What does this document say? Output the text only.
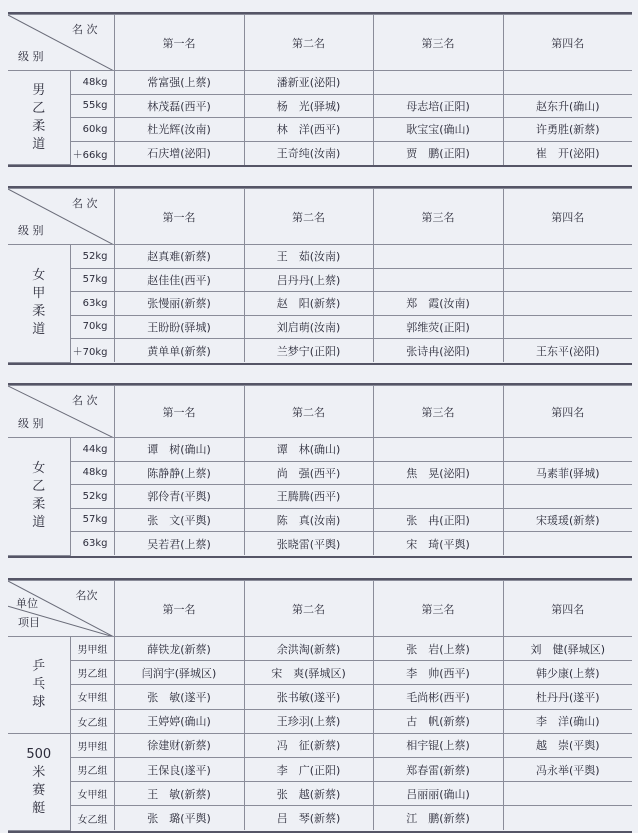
名 次
级 别		第一名	第二名	第三名	第四名

男
乙
柔
道	48kg	常富强(上蔡)	潘新亚(泌阳)		
	55kg	林茂磊(西平)	杨　光(驿城)	母志培(正阳)	赵东升(确山)
	60kg	杜光辉(汝南)	林　洋(西平)	耿宝宝(确山)	许勇胜(新蔡)
	＋66kg	石庆增(泌阳)	王奇纯(汝南)	贾　鹏(正阳)	崔　开(泌阳)
名 次
级 别		第一名	第二名	第三名	第四名

女
甲
柔
道	52kg	赵真难(新蔡)	王　茹(汝南)		
	57kg	赵佳佳(西平)	吕丹丹(上蔡)		
	63kg	张慢丽(新蔡)	赵　阳(新蔡)	郑　霞(汝南)	
	70kg	王盼盼(驿城)	刘启萌(汝南)	郭维荧(正阳)	
	＋70kg	黄单单(新蔡)	兰梦宁(正阳)	张诗冉(泌阳)	王东平(泌阳)
名 次
级 别		第一名	第二名	第三名	第四名

女
乙
柔
道	44kg	谭　树(确山)	谭　林(确山)		
	48kg	陈静静(上蔡)	尚　强(西平)	焦　晃(泌阳)	马素菲(驿城)
	52kg	郭伶青(平舆)	王腾腾(西平)		
	57kg	张　文(平舆)	陈　真(汝南)	张　冉(正阳)	宋瑗瑗(新蔡)
	63kg	吴若君(上蔡)	张晓雷(平舆)	宋　琦(平舆)	
名次
单位
项目		第一名	第二名	第三名	第四名

乒
乓
球	男甲组	薛铁龙(新蔡)	余洪淘(新蔡)	张　岩(上蔡)	刘　健(驿城区)
	男乙组	闫润宇(驿城区)	宋　爽(驿城区)	李　帅(西平)	韩少康(上蔡)
	女甲组	张　敏(遂平)	张书敏(遂平)	毛尚彬(西平)	杜丹丹(遂平)
	女乙组	王婷婷(确山)	王珍羽(上蔡)	古　帆(新蔡)	李　洋(确山)

500
米
赛
艇	男甲组	徐建财(新蔡)	冯　征(新蔡)	相宇锟(上蔡)	越　崇(平舆)
	男乙组	王保良(遂平)	李　广(正阳)	郑春雷(新蔡)	冯永举(平舆)
	女甲组	王　敏(新蔡)	张　越(新蔡)	吕丽丽(确山)	
	女乙组	张　璐(平舆)	吕　琴(新蔡)	江　鹏(新蔡)	
